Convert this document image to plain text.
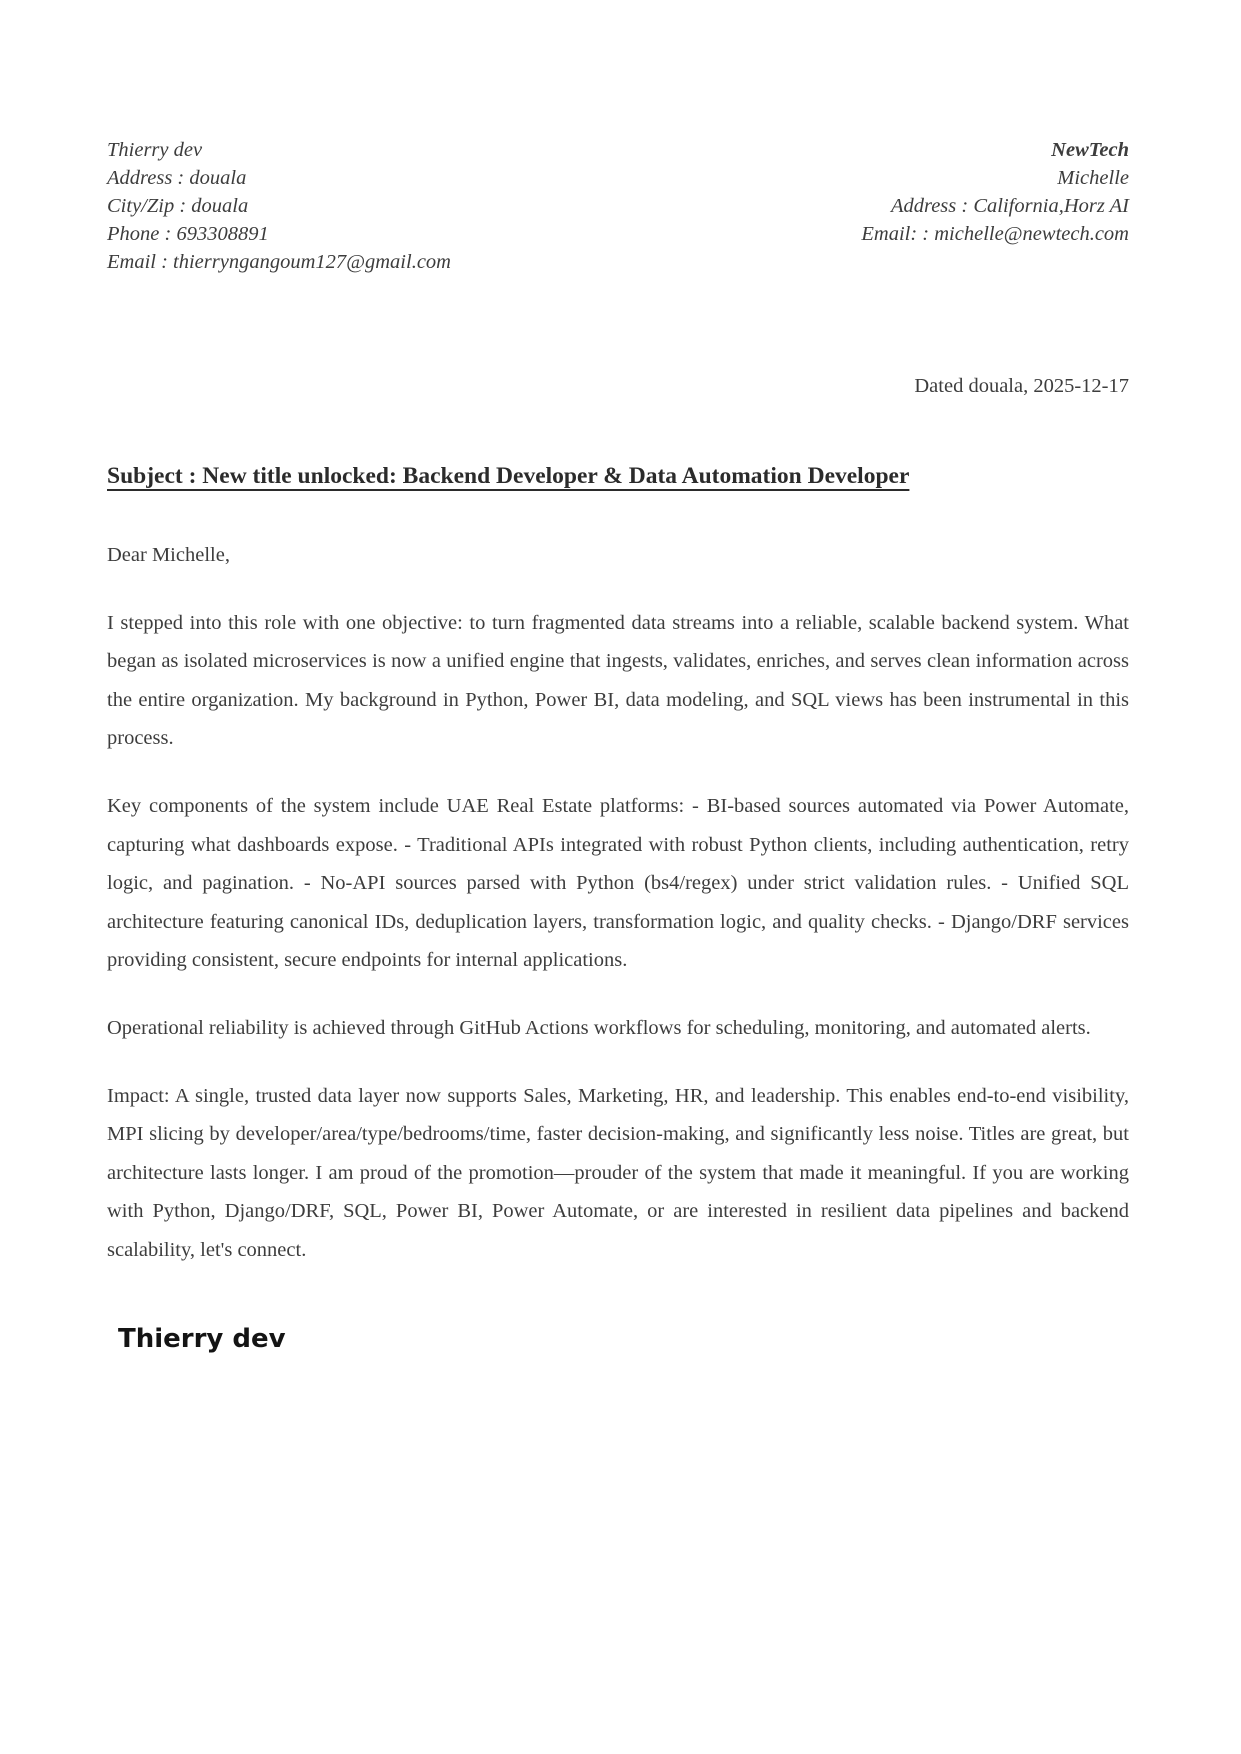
Thierry dev
Address : douala
City/Zip : douala
Phone : 693308891
Email : thierryngangoum127@gmail.com
NewTech
Michelle
Address : California,Horz AI
Email: : michelle@newtech.com
Dated douala, 2025-12-17
Subject : New title unlocked: Backend Developer & Data Automation Developer
Dear Michelle,

I stepped into this role with one objective: to turn fragmented data streams into a reliable, scalable backend system. What began as isolated microservices is now a unified engine that ingests, validates, enriches, and serves clean information across the entire organization. My background in Python, Power BI, data modeling, and SQL views has been instrumental in this process.

Key components of the system include UAE Real Estate platforms: - BI-based sources automated via Power Automate, capturing what dashboards expose. - Traditional APIs integrated with robust Python clients, including authentication, retry logic, and pagination. - No-API sources parsed with Python (bs4/regex) under strict validation rules. - Unified SQL architecture featuring canonical IDs, deduplication layers, transformation logic, and quality checks. - Django/DRF services providing consistent, secure endpoints for internal applications.

Operational reliability is achieved through GitHub Actions workflows for scheduling, monitoring, and automated alerts.

Impact: A single, trusted data layer now supports Sales, Marketing, HR, and leadership. This enables end-to-end visibility, MPI slicing by developer/area/type/bedrooms/time, faster decision-making, and significantly less noise. Titles are great, but architecture lasts longer. I am proud of the promotion—prouder of the system that made it meaningful. If you are working with Python, Django/DRF, SQL, Power BI, Power Automate, or are interested in resilient data pipelines and backend scalability, let's connect.

Thierry dev
